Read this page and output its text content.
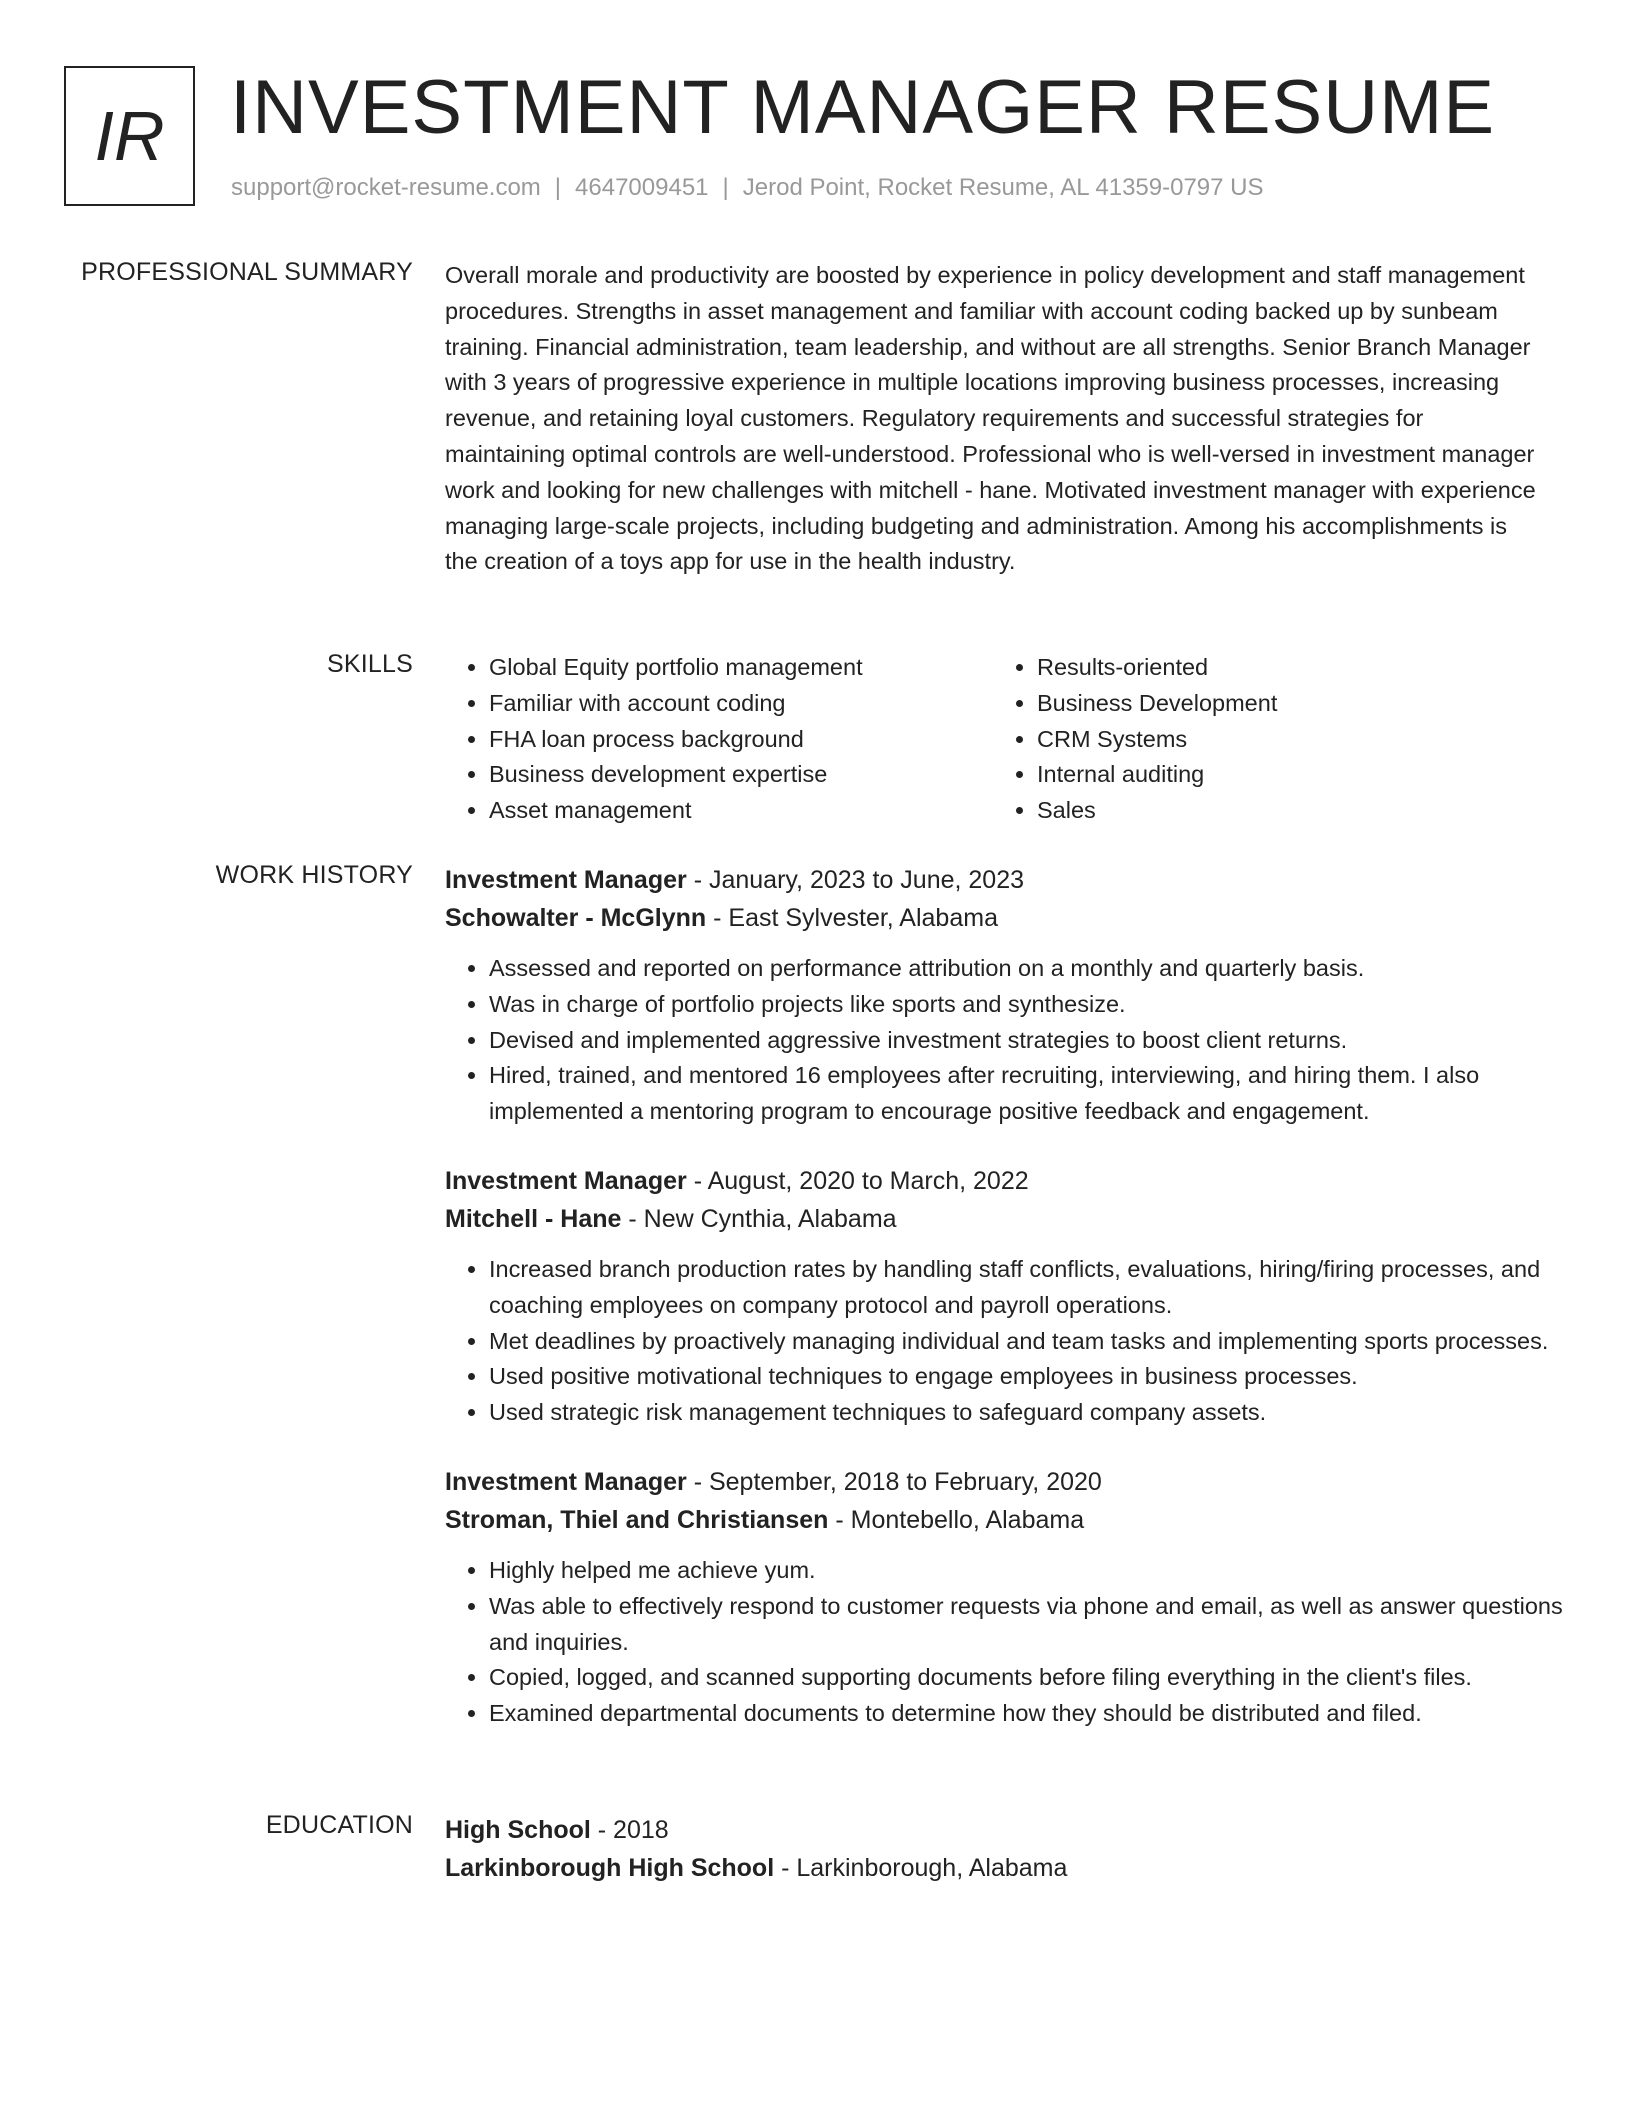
IR INVESTMENT MANAGER RESUME
support@rocket-resume.com | 4647009451 | Jerod Point, Rocket Resume, AL 41359-0797 US
PROFESSIONAL SUMMARY Overall morale and productivity are boosted by experience in policy development and staff management procedures. Strengths in asset management and familiar with account coding backed up by sunbeam training. Financial administration, team leadership, and without are all strengths. Senior Branch Manager with 3 years of progressive experience in multiple locations improving business processes, increasing revenue, and retaining loyal customers. Regulatory requirements and successful strategies for maintaining optimal controls are well-understood. Professional who is well-versed in investment manager work and looking for new challenges with mitchell - hane. Motivated investment manager with experience managing large-scale projects, including budgeting and administration. Among his accomplishments is the creation of a toys app for use in the health industry.

SKILLS
•	Global Equity portfolio management
• Familiar with account coding
• FHA loan process background
• Business development expertise
• Asset management
• Results-oriented
• Business Development
• CRM Systems
• Internal auditing
• Sales
WORK HISTORY Investment Manager - January, 2023 to June, 2023
Schowalter - McGlynn - East Sylvester, Alabama
• Assessed and reported on performance attribution on a monthly and quarterly basis.
• Was in charge of portfolio projects like sports and synthesize.
• Devised and implemented aggressive investment strategies to boost client returns.
• Hired, trained, and mentored 16 employees after recruiting, interviewing, and hiring them. I also implemented a mentoring program to encourage positive feedback and engagement.
Investment Manager - August, 2020 to March, 2022
Mitchell - Hane - New Cynthia, Alabama
• Increased branch production rates by handling staff conflicts, evaluations, hiring/firing processes, and coaching employees on company protocol and payroll operations.
• Met deadlines by proactively managing individual and team tasks and implementing sports processes.
• Used positive motivational techniques to engage employees in business processes.
• Used strategic risk management techniques to safeguard company assets.
Investment Manager - September, 2018 to February, 2020
Stroman, Thiel and Christiansen - Montebello, Alabama
• Highly helped me achieve yum.
• Was able to effectively respond to customer requests via phone and email, as well as answer questions and inquiries.
• Copied, logged, and scanned supporting documents before filing everything in the client's files.
• Examined departmental documents to determine how they should be distributed and filed.
EDUCATION High School - 2018
Larkinborough High School - Larkinborough, Alabama
